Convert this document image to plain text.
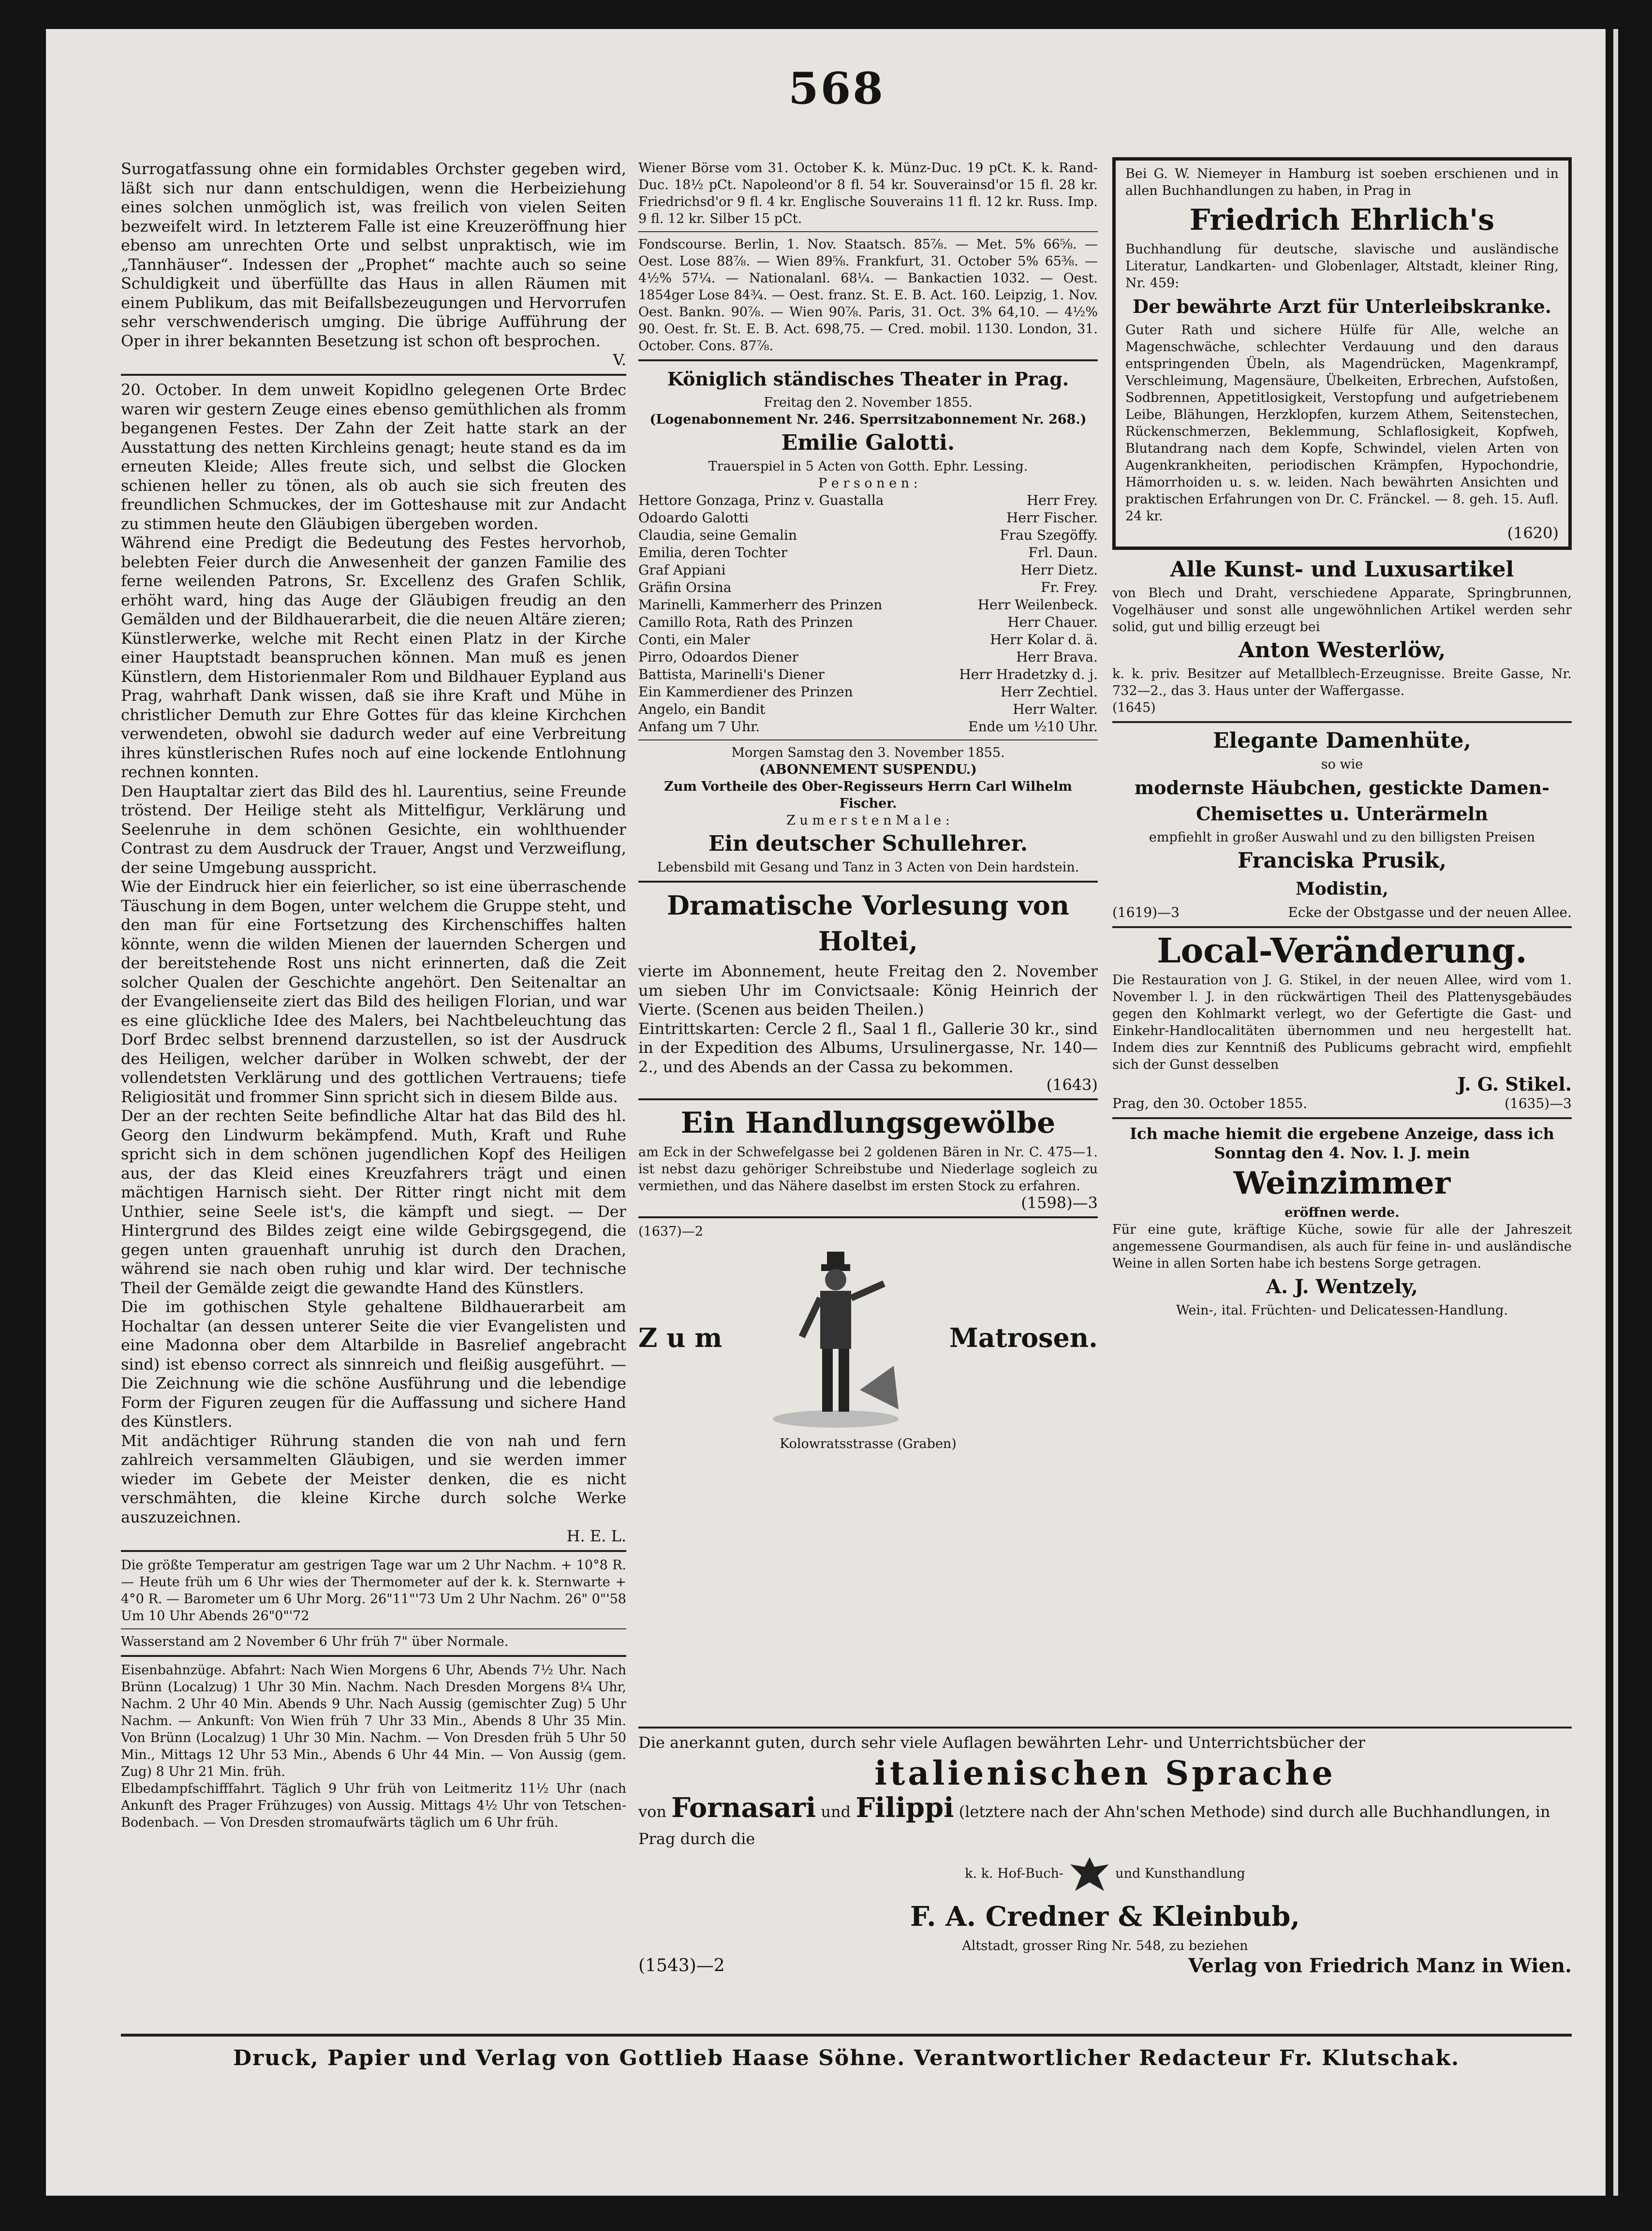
568

Surrogatfassung ohne ein formidables Orchster gegeben wird, läßt sich nur dann entschuldigen, wenn die Herbeiziehung eines solchen unmöglich ist, was freilich von vielen Seiten bezweifelt wird. In letzterem Falle ist eine Kreuzeröffnung hier ebenso am unrechten Orte und selbst unpraktisch, wie im „Tannhäuser“. Indessen der „Prophet“ machte auch so seine Schuldigkeit und überfüllte das Haus in allen Räumen mit einem Publikum, das mit Beifallsbezeugungen und Hervorrufen sehr verschwenderisch umging. Die übrige Aufführung der Oper in ihrer bekannten Besetzung ist schon oft besprochen.

V.

20. October. In dem unweit Kopidlno gelegenen Orte Brdec waren wir gestern Zeuge eines ebenso gemüthlichen als fromm begangenen Festes. Der Zahn der Zeit hatte stark an der Ausstattung des netten Kirchleins genagt; heute stand es da im erneuten Kleide; Alles freute sich, und selbst die Glocken schienen heller zu tönen, als ob auch sie sich freuten des freundlichen Schmuckes, der im Gotteshause mit zur Andacht zu stimmen heute den Gläubigen übergeben worden.

Während eine Predigt die Bedeutung des Festes hervorhob, belebten Feier durch die Anwesenheit der ganzen Familie des ferne weilenden Patrons, Sr. Excellenz des Grafen Schlik, erhöht ward, hing das Auge der Gläubigen freudig an den Gemälden und der Bildhauerarbeit, die die neuen Altäre zieren; Künstlerwerke, welche mit Recht einen Platz in der Kirche einer Hauptstadt beanspruchen können. Man muß es jenen Künstlern, dem Historienmaler Rom und Bildhauer Eypland aus Prag, wahrhaft Dank wissen, daß sie ihre Kraft und Mühe in christlicher Demuth zur Ehre Gottes für das kleine Kirchchen verwendeten, obwohl sie dadurch weder auf eine Verbreitung ihres künstlerischen Rufes noch auf eine lockende Entlohnung rechnen konnten.

Den Hauptaltar ziert das Bild des hl. Laurentius, seine Freunde tröstend. Der Heilige steht als Mittelfigur, Verklärung und Seelenruhe in dem schönen Gesichte, ein wohlthuender Contrast zu dem Ausdruck der Trauer, Angst und Verzweiflung, der seine Umgebung ausspricht.

Wie der Eindruck hier ein feierlicher, so ist eine überraschende Täuschung in dem Bogen, unter welchem die Gruppe steht, und den man für eine Fortsetzung des Kirchenschiffes halten könnte, wenn die wilden Mienen der lauernden Schergen und der bereitstehende Rost uns nicht erinnerten, daß die Zeit solcher Qualen der Geschichte angehört. Den Seitenaltar an der Evangelienseite ziert das Bild des heiligen Florian, und war es eine glückliche Idee des Malers, bei Nachtbeleuchtung das Dorf Brdec selbst brennend darzustellen, so ist der Ausdruck des Heiligen, welcher darüber in Wolken schwebt, der der vollendetsten Verklärung und des gottlichen Vertrauens; tiefe Religiosität und frommer Sinn spricht sich in diesem Bilde aus.

Der an der rechten Seite befindliche Altar hat das Bild des hl. Georg den Lindwurm bekämpfend. Muth, Kraft und Ruhe spricht sich in dem schönen jugendlichen Kopf des Heiligen aus, der das Kleid eines Kreuzfahrers trägt und einen mächtigen Harnisch sieht. Der Ritter ringt nicht mit dem Unthier, seine Seele ist's, die kämpft und siegt. — Der Hintergrund des Bildes zeigt eine wilde Gebirgsgegend, die gegen unten grauenhaft unruhig ist durch den Drachen, während sie nach oben ruhig und klar wird. Der technische Theil der Gemälde zeigt die gewandte Hand des Künstlers.

Die im gothischen Style gehaltene Bildhauerarbeit am Hochaltar (an dessen unterer Seite die vier Evangelisten und eine Madonna ober dem Altarbilde in Basrelief angebracht sind) ist ebenso correct als sinnreich und fleißig ausgeführt. — Die Zeichnung wie die schöne Ausführung und die lebendige Form der Figuren zeugen für die Auffassung und sichere Hand des Künstlers.

Mit andächtiger Rührung standen die von nah und fern zahlreich versammelten Gläubigen, und sie werden immer wieder im Gebete der Meister denken, die es nicht verschmähten, die kleine Kirche durch solche Werke auszuzeichnen.

H. E. L.

Die größte Temperatur am gestrigen Tage war um 2 Uhr Nachm. + 10°8 R. — Heute früh um 6 Uhr wies der Thermometer auf der k. k. Sternwarte + 4°0 R. — Barometer um 6 Uhr Morg. 26"11"'73 Um 2 Uhr Nachm. 26" 0"'58 Um 10 Uhr Abends 26"0"'72

Wasserstand am 2 November 6 Uhr früh 7" über Normale.

Eisenbahnzüge. Abfahrt: Nach Wien Morgens 6 Uhr, Abends 7½ Uhr. Nach Brünn (Localzug) 1 Uhr 30 Min. Nachm. Nach Dresden Morgens 8¼ Uhr, Nachm. 2 Uhr 40 Min. Abends 9 Uhr. Nach Aussig (gemischter Zug) 5 Uhr Nachm. — Ankunft: Von Wien früh 7 Uhr 33 Min., Abends 8 Uhr 35 Min. Von Brünn (Localzug) 1 Uhr 30 Min. Nachm. — Von Dresden früh 5 Uhr 50 Min., Mittags 12 Uhr 53 Min., Abends 6 Uhr 44 Min. — Von Aussig (gem. Zug) 8 Uhr 21 Min. früh.

Elbedampfschifffahrt. Täglich 9 Uhr früh von Leitmeritz 11½ Uhr (nach Ankunft des Prager Frühzuges) von Aussig. Mittags 4½ Uhr von Tetschen-Bodenbach. — Von Dresden stromaufwärts täglich um 6 Uhr früh.

Wiener Börse vom 31. October K. k. Münz-Duc. 19 pCt. K. k. Rand-Duc. 18½ pCt. Napoleond'or 8 fl. 54 kr. Souverainsd'or 15 fl. 28 kr. Friedrichsd'or 9 fl. 4 kr. Englische Souverains 11 fl. 12 kr. Russ. Imp. 9 fl. 12 kr. Silber 15 pCt.

Fondscourse. Berlin, 1. Nov. Staatsch. 85⅞. — Met. 5% 66⅝. — Oest. Lose 88⅞. — Wien 89⅝. Frankfurt, 31. October 5% 65⅜. — 4½% 57¼. — Nationalanl. 68¼. — Bankactien 1032. — Oest. 1854ger Lose 84¾. — Oest. franz. St. E. B. Act. 160. Leipzig, 1. Nov. Oest. Bankn. 90⅞. — Wien 90⅞. Paris, 31. Oct. 3% 64,10. — 4½% 90. Oest. fr. St. E. B. Act. 698,75. — Cred. mobil. 1130. London, 31. October. Cons. 87⅞.

Königlich ständisches Theater in Prag.
Freitag den 2. November 1855.
(Logenabonnement Nr. 246. Sperrsitzabonnement Nr. 268.)
Emilie Galotti.
Trauerspiel in 5 Acten von Gotth. Ephr. Lessing.
P e r s o n e n :
Hettore Gonzaga, Prinz v. Guastalla	Herr Frey.
Odoardo Galotti	Herr Fischer.
Claudia, seine Gemalin	Frau Szegöffy.
Emilia, deren Tochter	Frl. Daun.
Graf Appiani	Herr Dietz.
Gräfin Orsina	Fr. Frey.
Marinelli, Kammerherr des Prinzen	Herr Weilenbeck.
Camillo Rota, Rath des Prinzen	Herr Chauer.
Conti, ein Maler	Herr Kolar d. ä.
Pirro, Odoardos Diener	Herr Brava.
Battista, Marinelli's Diener	Herr Hradetzky d. j.
Ein Kammerdiener des Prinzen	Herr Zechtiel.
Angelo, ein Bandit	Herr Walter.
Anfang um 7 Uhr.	Ende um ½10 Uhr.
Morgen Samstag den 3. November 1855.
(ABONNEMENT SUSPENDU.)
Zum Vortheile des Ober-Regisseurs Herrn Carl Wilhelm Fischer.
Z u m e r s t e n M a l e :
Ein deutscher Schullehrer.
Lebensbild mit Gesang und Tanz in 3 Acten von Dein hardstein.
Dramatische Vorlesung von Holtei,

vierte im Abonnement, heute Freitag den 2. November um sieben Uhr im Convictsaale: König Heinrich der Vierte. (Scenen aus beiden Theilen.)

Eintrittskarten: Cercle 2 fl., Saal 1 fl., Gallerie 30 kr., sind in der Expedition des Albums, Ursulinergasse, Nr. 140—2., und des Abends an der Cassa zu bekommen.

(1643)
Ein Handlungsgewölbe

am Eck in der Schwefelgasse bei 2 goldenen Bären in Nr. C. 475—1. ist nebst dazu gehöriger Schreibstube und Niederlage sogleich zu vermiethen, und das Nähere daselbst im ersten Stock zu erfahren.

(1598)—3
(1637)—2
Z u m	Matrosen.
Kolowratsstrasse (Graben)

Bei G. W. Niemeyer in Hamburg ist soeben erschienen und in allen Buchhandlungen zu haben, in Prag in

Friedrich Ehrlich's

Buchhandlung für deutsche, slavische und ausländische Literatur, Landkarten- und Globenlager, Altstadt, kleiner Ring, Nr. 459:

Der bewährte Arzt für Unterleibskranke.

Guter Rath und sichere Hülfe für Alle, welche an Magenschwäche, schlechter Verdauung und den daraus entspringenden Übeln, als Magendrücken, Magenkrampf, Verschleimung, Magensäure, Übelkeiten, Erbrechen, Aufstoßen, Sodbrennen, Appetitlosigkeit, Verstopfung und aufgetriebenem Leibe, Blähungen, Herzklopfen, kurzem Athem, Seitenstechen, Rückenschmerzen, Beklemmung, Schlaflosigkeit, Kopfweh, Blutandrang nach dem Kopfe, Schwindel, vielen Arten von Augenkrankheiten, periodischen Krämpfen, Hypochondrie, Hämorrhoiden u. s. w. leiden. Nach bewährten Ansichten und praktischen Erfahrungen von Dr. C. Fränckel. — 8. geh. 15. Aufl. 24 kr.

(1620)
Alle Kunst- und Luxusartikel

von Blech und Draht, verschiedene Apparate, Springbrunnen, Vogelhäuser und sonst alle ungewöhnlichen Artikel werden sehr solid, gut und billig erzeugt bei

Anton Westerlöw,

k. k. priv. Besitzer auf Metallblech-Erzeugnisse. Breite Gasse, Nr. 732—2., das 3. Haus unter der Waffergasse.

(1645)
Elegante Damenhüte,
so wie
modernste Häubchen, gestickte Damen-Chemisettes u. Unterärmeln
empfiehlt in großer Auswahl und zu den billigsten Preisen
Franciska Prusik,
Modistin,
(1619)—3	Ecke der Obstgasse und der neuen Allee.
Local-Veränderung.

Die Restauration von J. G. Stikel, in der neuen Allee, wird vom 1. November l. J. in den rückwärtigen Theil des Plattenysgebäudes gegen den Kohlmarkt verlegt, wo der Gefertigte die Gast- und Einkehr-Handlocalitäten übernommen und neu hergestellt hat. Indem dies zur Kenntniß des Publicums gebracht wird, empfiehlt sich der Gunst desselben

J. G. Stikel.
Prag, den 30. October 1855.	(1635)—3
Ich mache hiemit die ergebene Anzeige, dass ich Sonntag den 4. Nov. l. J. mein
Weinzimmer
eröffnen werde.

Für eine gute, kräftige Küche, sowie für alle der Jahreszeit angemessene Gourmandisen, als auch für feine in- und ausländische Weine in allen Sorten habe ich bestens Sorge getragen.

A. J. Wentzely,
Wein-, ital. Früchten- und Delicatessen-Handlung.

Die anerkannt guten, durch sehr viele Auflagen bewährten Lehr- und Unterrichtsbücher der

italienischen Sprache
von Fornasari und Filippi (letztere nach der Ahn'schen Methode) sind durch alle Buchhandlungen, in Prag durch die
k. k. Hof-Buch-	und Kunsthandlung
F. A. Credner & Kleinbub,
Altstadt, grosser Ring Nr. 548, zu beziehen
(1543)—2	Verlag von Friedrich Manz in Wien.
Druck, Papier und Verlag von Gottlieb Haase Söhne. Verantwortlicher Redacteur Fr. Klutschak.
